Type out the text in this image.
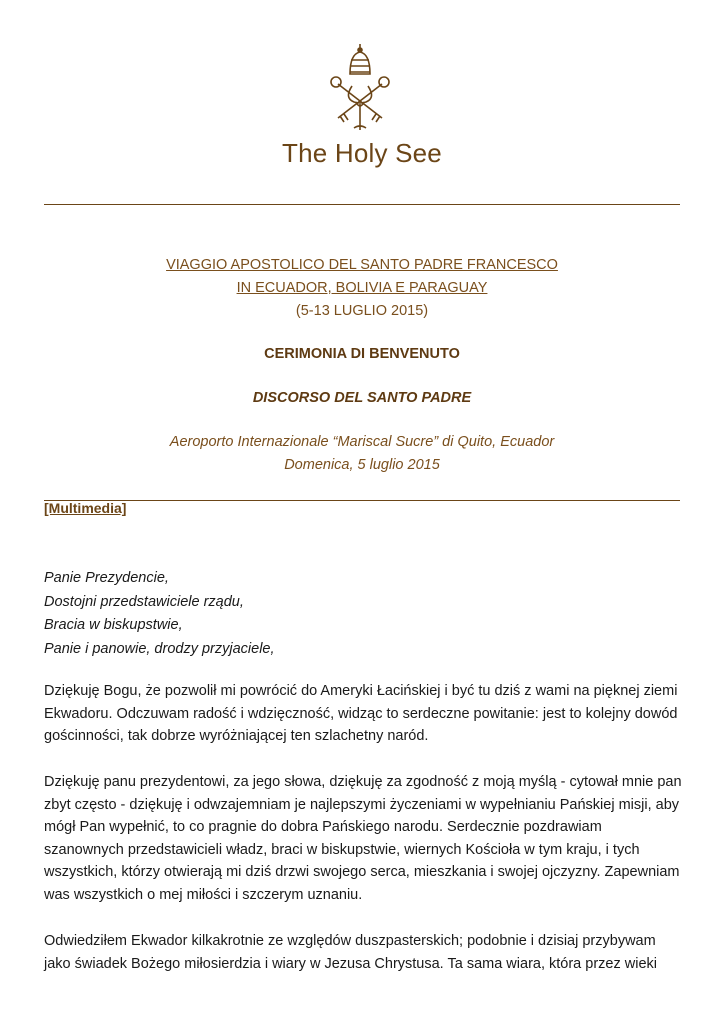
The Holy See
VIAGGIO APOSTOLICO DEL SANTO PADRE FRANCESCO
IN ECUADOR, BOLIVIA E PARAGUAY
(5-13 LUGLIO 2015)
CERIMONIA DI BENVENUTO
DISCORSO DEL SANTO PADRE
Aeroporto Internazionale “Mariscal Sucre” di Quito, Ecuador
Domenica, 5 luglio 2015
[Multimedia]
Panie Prezydencie,
Dostojni przedstawiciele rządu,
Bracia w biskupstwie,
Panie i panowie, drodzy przyjaciele,

Dziękuję Bogu, że pozwolił mi powrócić do Ameryki Łacińskiej i być tu dziś z wami na pięknej ziemi Ekwadoru. Odczuwam radość i wdzięczność, widząc to serdeczne powitanie: jest to kolejny dowód gościnności, tak dobrze wyróżniającej ten szlachetny naród.

Dziękuję panu prezydentowi, za jego słowa, dziękuję za zgodność z moją myślą - cytował mnie pan zbyt często - dziękuję i odwzajemniam je najlepszymi życzeniami w wypełnianiu Pańskiej misji, aby mógł Pan wypełnić, to co pragnie do dobra Pańskiego narodu. Serdecznie pozdrawiam szanownych przedstawicieli władz, braci w biskupstwie, wiernych Kościoła w tym kraju, i tych wszystkich, którzy otwierają mi dziś drzwi swojego serca, mieszkania i swojej ojczyzny. Zapewniam was wszystkich o mej miłości i szczerym uznaniu.

Odwiedziłem Ekwador kilkakrotnie ze względów duszpasterskich; podobnie i dzisiaj przybywam jako świadek Bożego miłosierdzia i wiary w Jezusa Chrystusa. Ta sama wiara, która przez wieki
